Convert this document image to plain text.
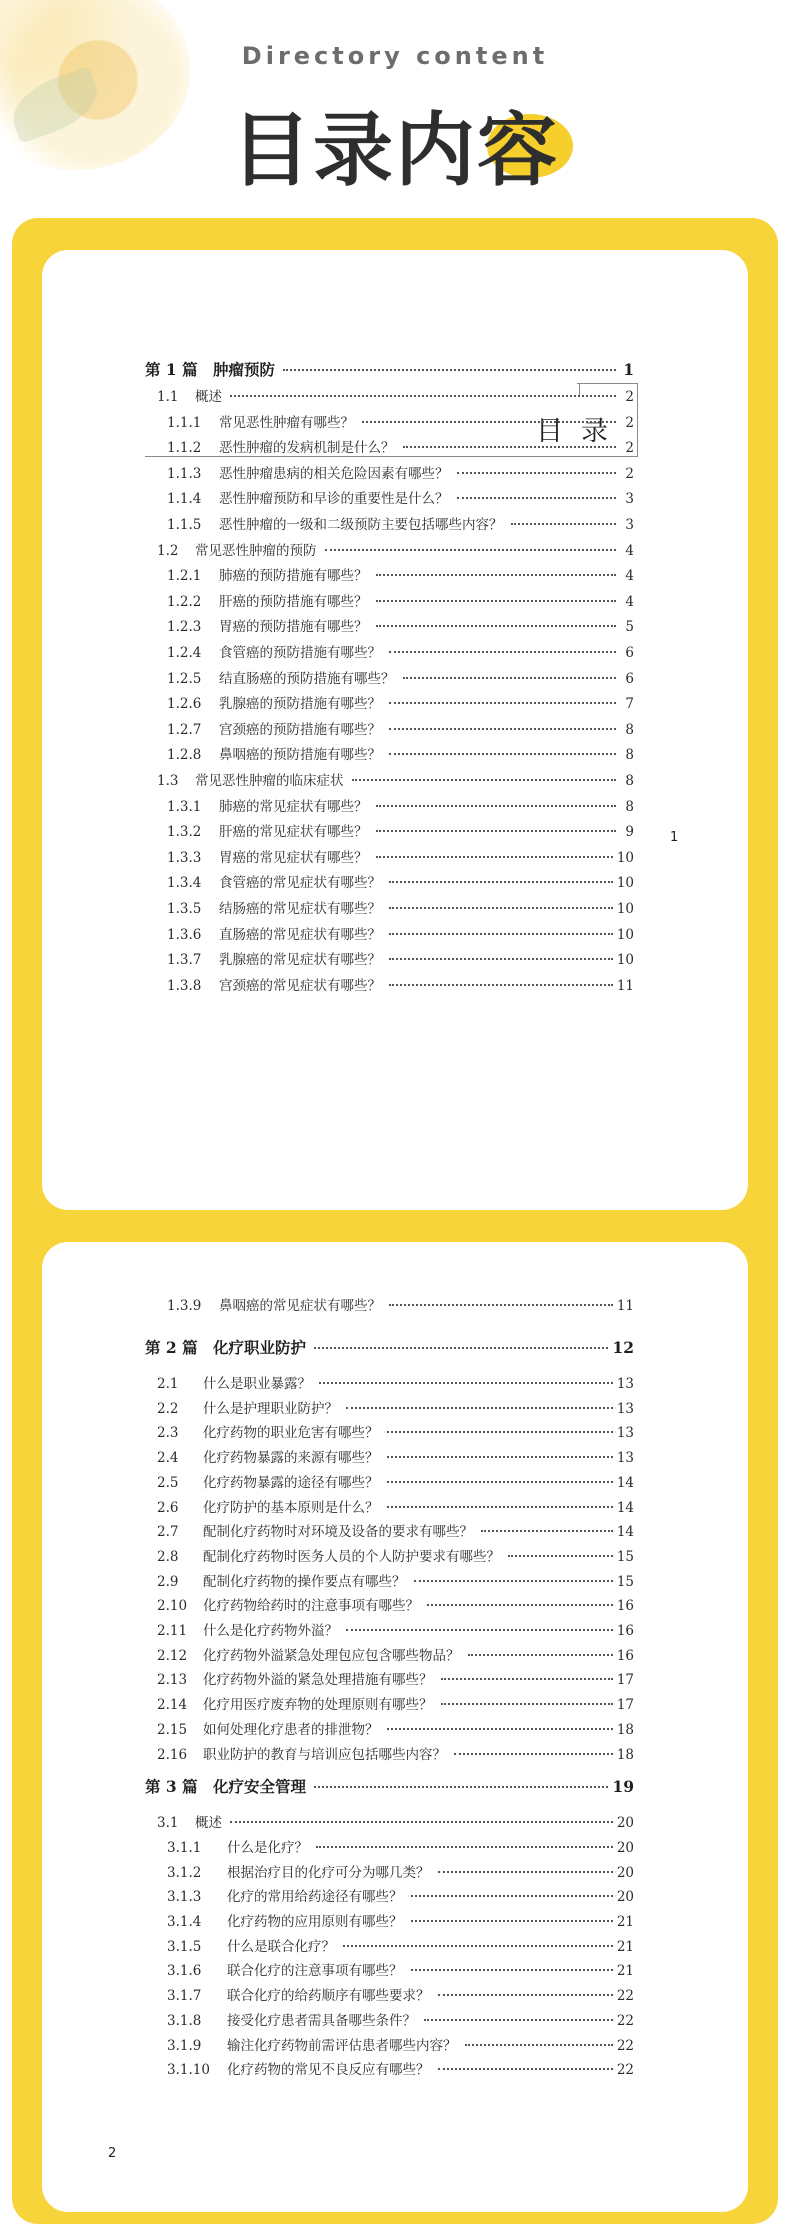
Directory content
目录内容
目录
第 1 篇 肿瘤预防	1
1.1	概述	2
1.1.1	常见恶性肿瘤有哪些？	2
1.1.2	恶性肿瘤的发病机制是什么？	2
1.1.3	恶性肿瘤患病的相关危险因素有哪些？	2
1.1.4	恶性肿瘤预防和早诊的重要性是什么？	3
1.1.5	恶性肿瘤的一级和二级预防主要包括哪些内容？	3
1.2	常见恶性肿瘤的预防	4
1.2.1	肺癌的预防措施有哪些？	4
1.2.2	肝癌的预防措施有哪些？	4
1.2.3	胃癌的预防措施有哪些？	5
1.2.4	食管癌的预防措施有哪些？	6
1.2.5	结直肠癌的预防措施有哪些？	6
1.2.6	乳腺癌的预防措施有哪些？	7
1.2.7	宫颈癌的预防措施有哪些？	8
1.2.8	鼻咽癌的预防措施有哪些？	8
1.3	常见恶性肿瘤的临床症状	8
1.3.1	肺癌的常见症状有哪些？	8
1.3.2	肝癌的常见症状有哪些？	9
1.3.3	胃癌的常见症状有哪些？	10
1.3.4	食管癌的常见症状有哪些？	10
1.3.5	结肠癌的常见症状有哪些？	10
1.3.6	直肠癌的常见症状有哪些？	10
1.3.7	乳腺癌的常见症状有哪些？	10
1.3.8	宫颈癌的常见症状有哪些？	11
1
1.3.9	鼻咽癌的常见症状有哪些？	11
第 2 篇 化疗职业防护	12
2.1	什么是职业暴露？	13
2.2	什么是护理职业防护？	13
2.3	化疗药物的职业危害有哪些？	13
2.4	化疗药物暴露的来源有哪些？	13
2.5	化疗药物暴露的途径有哪些？	14
2.6	化疗防护的基本原则是什么？	14
2.7	配制化疗药物时对环境及设备的要求有哪些？	14
2.8	配制化疗药物时医务人员的个人防护要求有哪些？	15
2.9	配制化疗药物的操作要点有哪些？	15
2.10	化疗药物给药时的注意事项有哪些？	16
2.11	什么是化疗药物外溢？	16
2.12	化疗药物外溢紧急处理包应包含哪些物品？	16
2.13	化疗药物外溢的紧急处理措施有哪些？	17
2.14	化疗用医疗废弃物的处理原则有哪些？	17
2.15	如何处理化疗患者的排泄物？	18
2.16	职业防护的教育与培训应包括哪些内容？	18
第 3 篇 化疗安全管理	19
3.1	概述	20
3.1.1	什么是化疗？	20
3.1.2	根据治疗目的化疗可分为哪几类？	20
3.1.3	化疗的常用给药途径有哪些？	20
3.1.4	化疗药物的应用原则有哪些？	21
3.1.5	什么是联合化疗？	21
3.1.6	联合化疗的注意事项有哪些？	21
3.1.7	联合化疗的给药顺序有哪些要求？	22
3.1.8	接受化疗患者需具备哪些条件？	22
3.1.9	输注化疗药物前需评估患者哪些内容？	22
3.1.10	化疗药物的常见不良反应有哪些？	22
2
